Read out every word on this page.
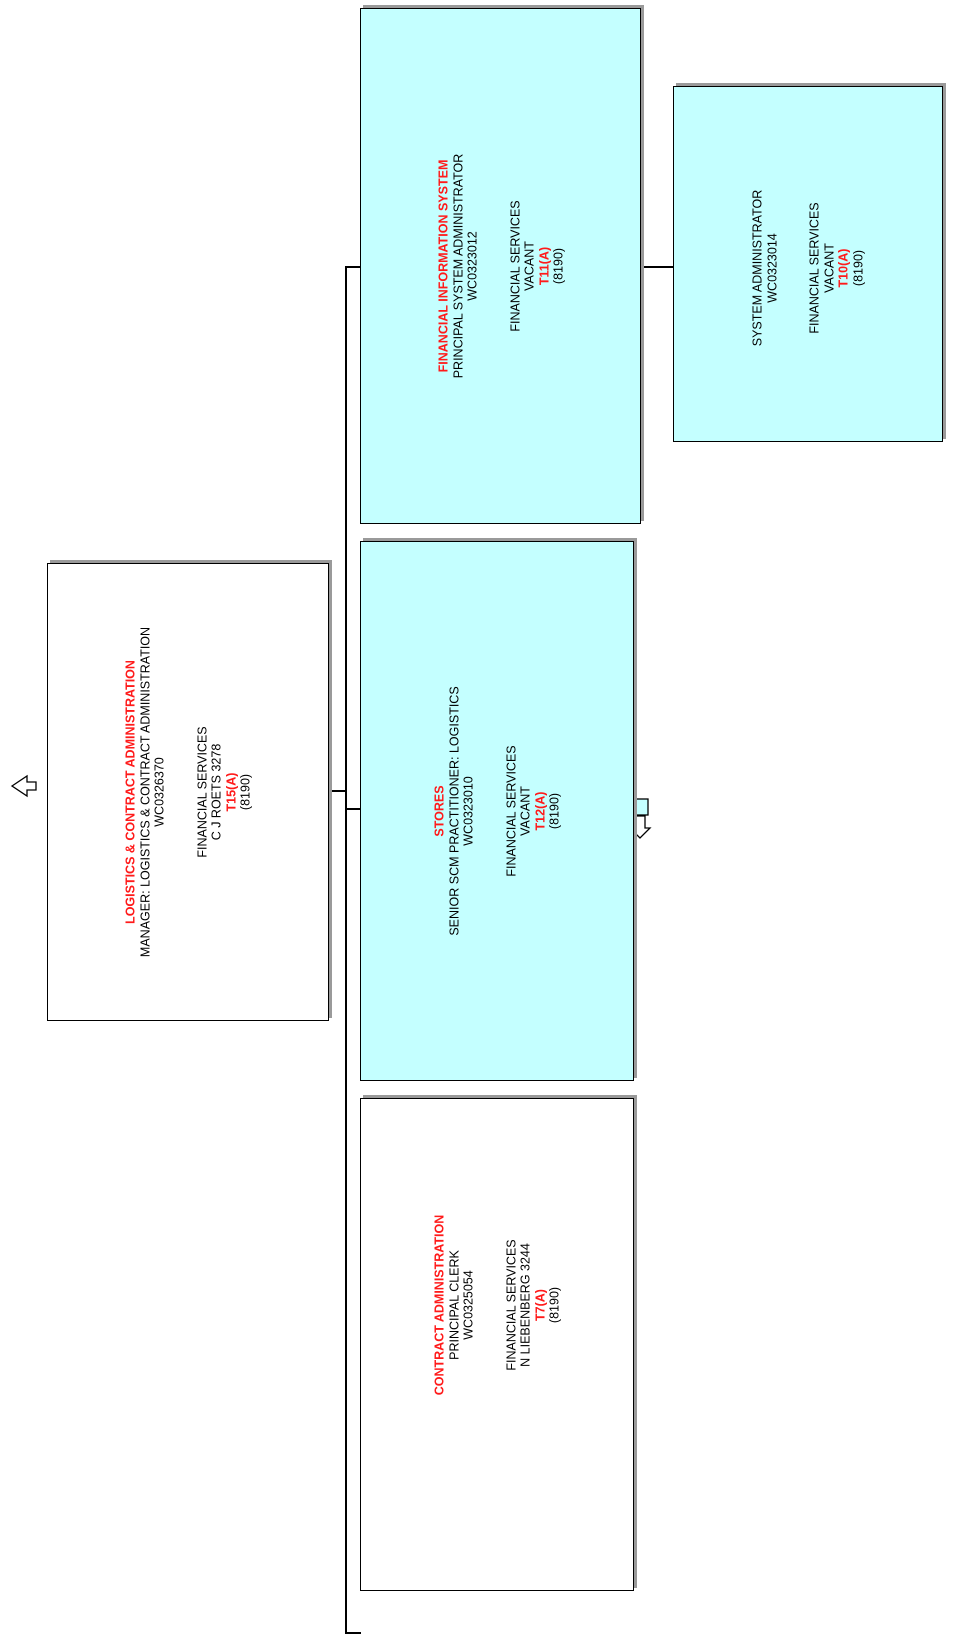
LOGISTICS & CONTRACT ADMINISTRATION MANAGER: LOGISTICS & CONTRACT ADMINISTRATION WC0326370 FINANCIAL SERVICES C J ROETS 3278 T15(A) (8190)	STORES SENIOR SCM PRACTITIONER: LOGISTICS WC0323010 FINANCIAL SERVICES VACANT T12(A) (8190)
CONTRACT ADMINISTRATION PRINCIPAL CLERK WC0325054 FINANCIAL SERVICES N LIEBENBERG 3244 T7(A) (8190)
FINANCIAL INFORMATION SYSTEM PRINCIPAL SYSTEM ADMINISTRATOR WC0323012 FINANCIAL SERVICES VACANT T11(A) (8190)	SYSTEM ADMINISTRATOR WC0323014 FINANCIAL SERVICES VACANT T10(A) (8190)
